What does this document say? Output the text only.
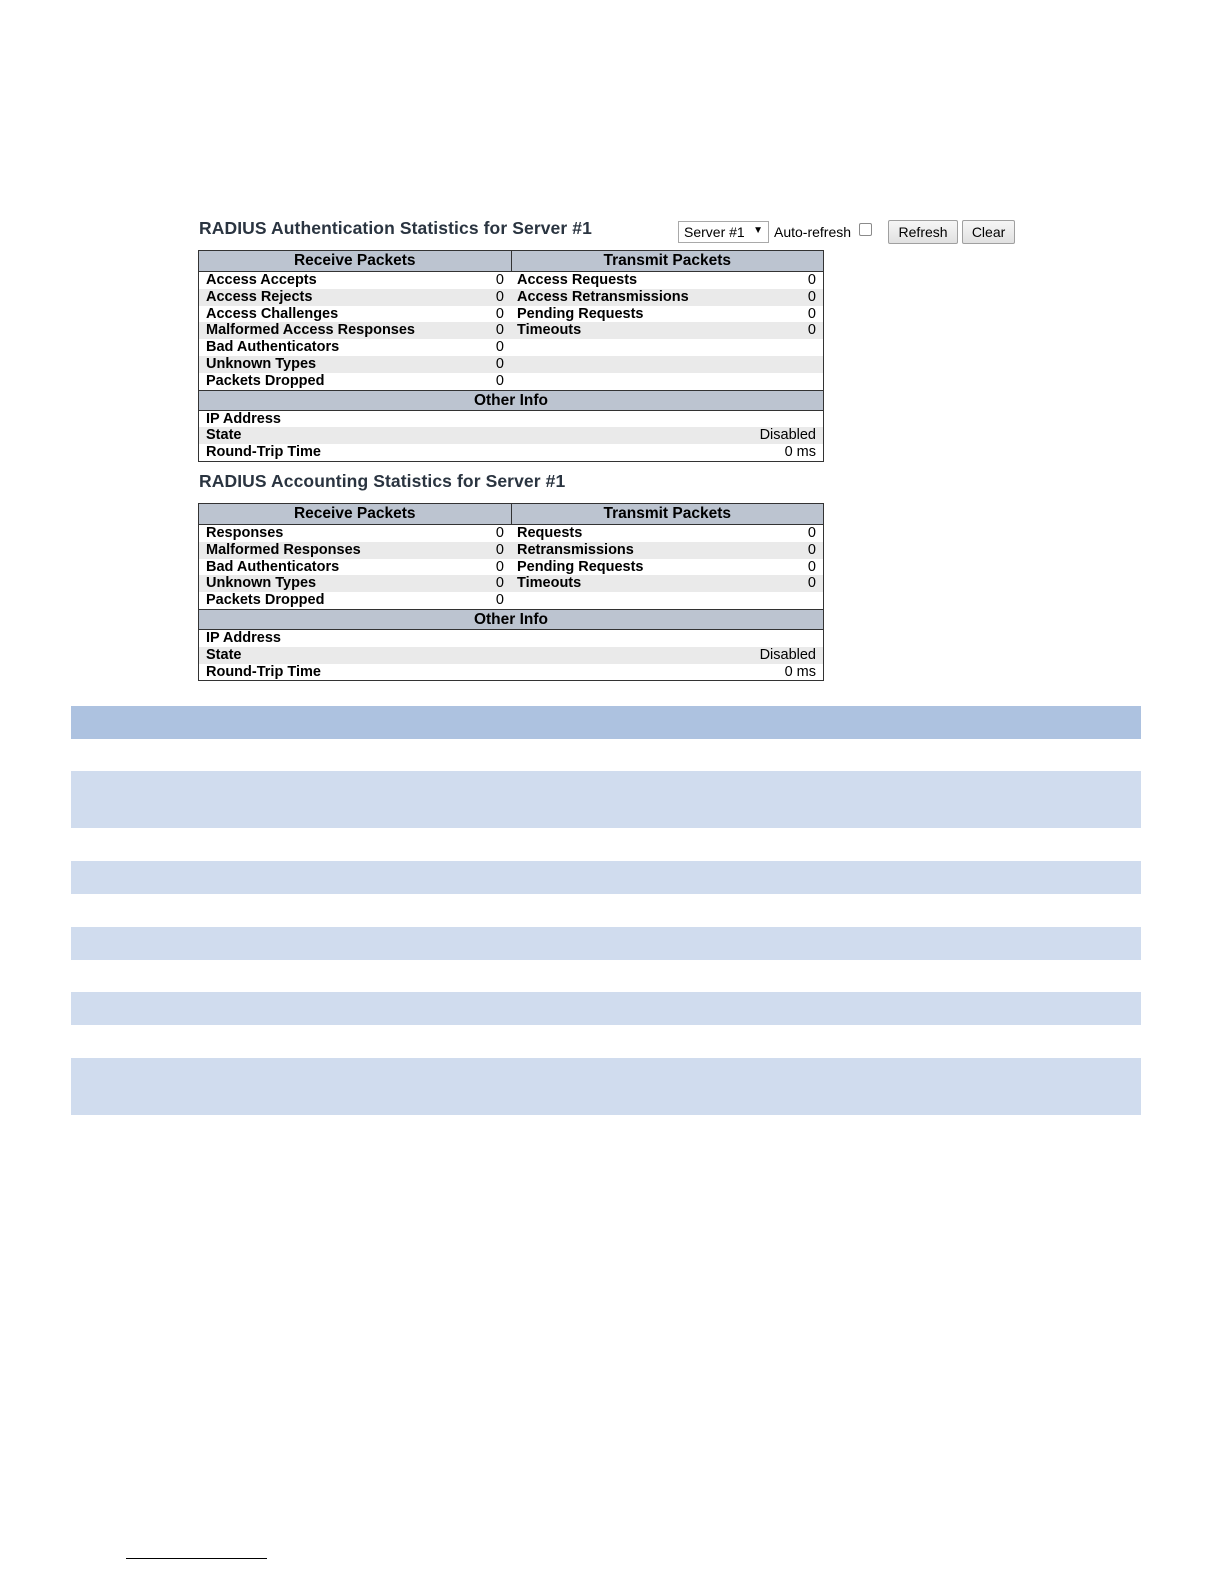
RADIUS Authentication Statistics for Server #1	Server #1 ▼ Auto-refresh	Refresh	Clear
Receive Packets	Transmit Packets
Access Accepts	0 Access Requests	0
Access Rejects	0 Access Retransmissions	0
Access Challenges	0 Pending Requests	0
Malformed Access Responses	0 Timeouts	0
Bad Authenticators	0
Unknown Types	0
Packets Dropped	0
Other Info
IP Address
State	Disabled
Round-Trip Time	0 ms
RADIUS Accounting Statistics for Server #1
Receive Packets	Transmit Packets
Responses	0 Requests	0
Malformed Responses	0 Retransmissions	0
Bad Authenticators	0 Pending Requests	0
Unknown Types	0 Timeouts	0
Packets Dropped	0
Other Info
IP Address
State	Disabled
Round-Trip Time	0 ms
